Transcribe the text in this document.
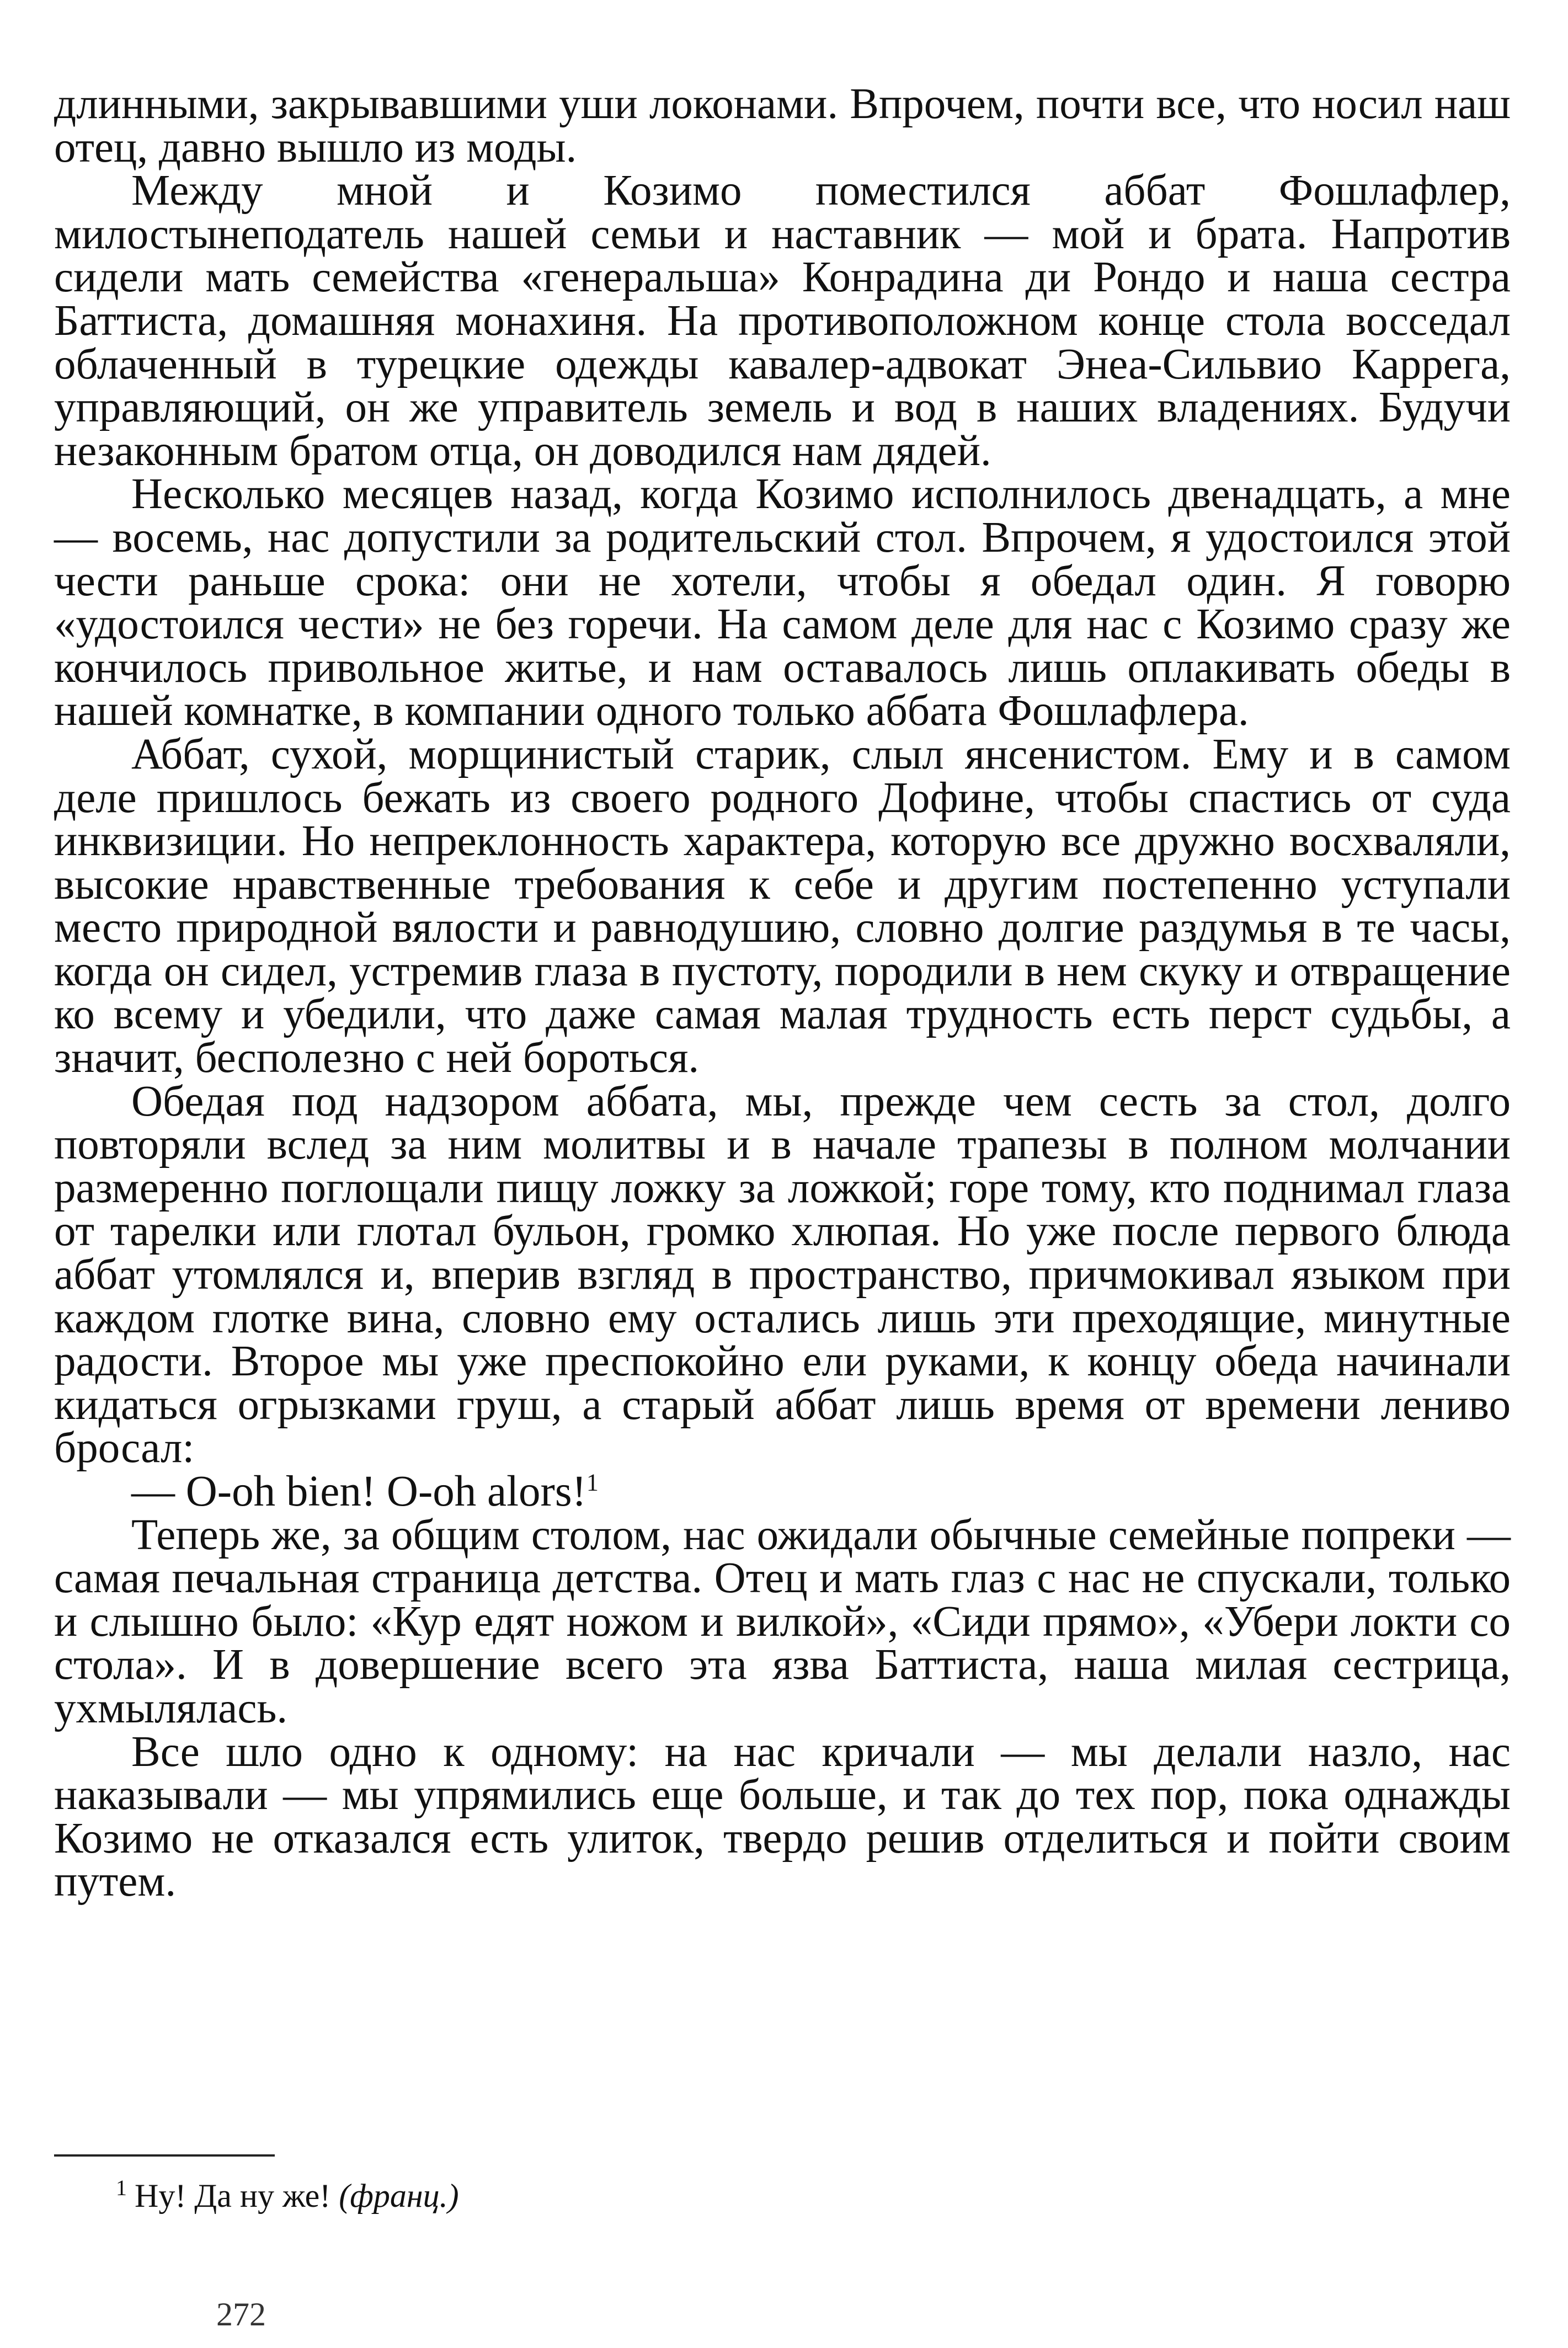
длинными, закрывавшими уши локонами. Впрочем, почти все, что носил наш отец, давно вышло из моды.

Между мной и Козимо поместился аббат Фошлафлер, милостынеподатель нашей семьи и наставник — мой и брата. Напротив сидели мать семейства «генеральша» Конрадина ди Рондо и наша сестра Баттиста, домашняя монахиня. На противоположном конце стола восседал облаченный в турецкие одежды кавалер-адвокат Энеа-Сильвио Каррега, управляющий, он же управитель земель и вод в наших владениях. Будучи незаконным братом отца, он доводился нам дядей.

Несколько месяцев назад, когда Козимо исполнилось двенадцать, а мне — восемь, нас допустили за родительский стол. Впрочем, я удостоился этой чести раньше срока: они не хотели, чтобы я обедал один. Я говорю «удостоился чести» не без горечи. На самом деле для нас с Козимо сразу же кончилось привольное житье, и нам оставалось лишь оплакивать обеды в нашей комнатке, в компании одного только аббата Фошлафлера.

Аббат, сухой, морщинистый старик, слыл янсенистом. Ему и в самом деле пришлось бежать из своего родного Дофине, чтобы спастись от суда инквизиции. Но непреклонность характера, которую все дружно восхваляли, высокие нравственные требования к себе и другим постепенно уступали место природной вялости и равнодушию, словно долгие раздумья в те часы, когда он сидел, устремив глаза в пустоту, породили в нем скуку и отвращение ко всему и убедили, что даже самая малая трудность есть перст судьбы, а значит, бесполезно с ней бороться.

Обедая под надзором аббата, мы, прежде чем сесть за стол, долго повторяли вслед за ним молитвы и в начале трапезы в полном молчании размеренно поглощали пищу ложку за ложкой; горе тому, кто поднимал глаза от тарелки или глотал бульон, громко хлюпая. Но уже после первого блюда аббат утомлялся и, вперив взгляд в пространство, причмокивал языком при каждом глотке вина, словно ему остались лишь эти преходящие, минутные радости. Второе мы уже преспокойно ели руками, к концу обеда начинали кидаться огрызками груш, а старый аббат лишь время от времени лениво бросал:

— O-oh bien! O-oh alors!$^1$

Теперь же, за общим столом, нас ожидали обычные семейные попреки — самая печальная страница детства. Отец и мать глаз с нас не спускали, только и слышно было: «Кур едят ножом и вилкой», «Сиди прямо», «Убери локти со стола». И в довершение всего эта язва Баттиста, наша милая сестрица, ухмылялась.

Все шло одно к одному: на нас кричали — мы делали назло, нас наказывали — мы упрямились еще больше, и так до тех пор, пока однажды Козимо не отказался есть улиток, твердо решив отделиться и пойти своим путем.

$^1$ Ну! Да ну же! (франц.)
272
